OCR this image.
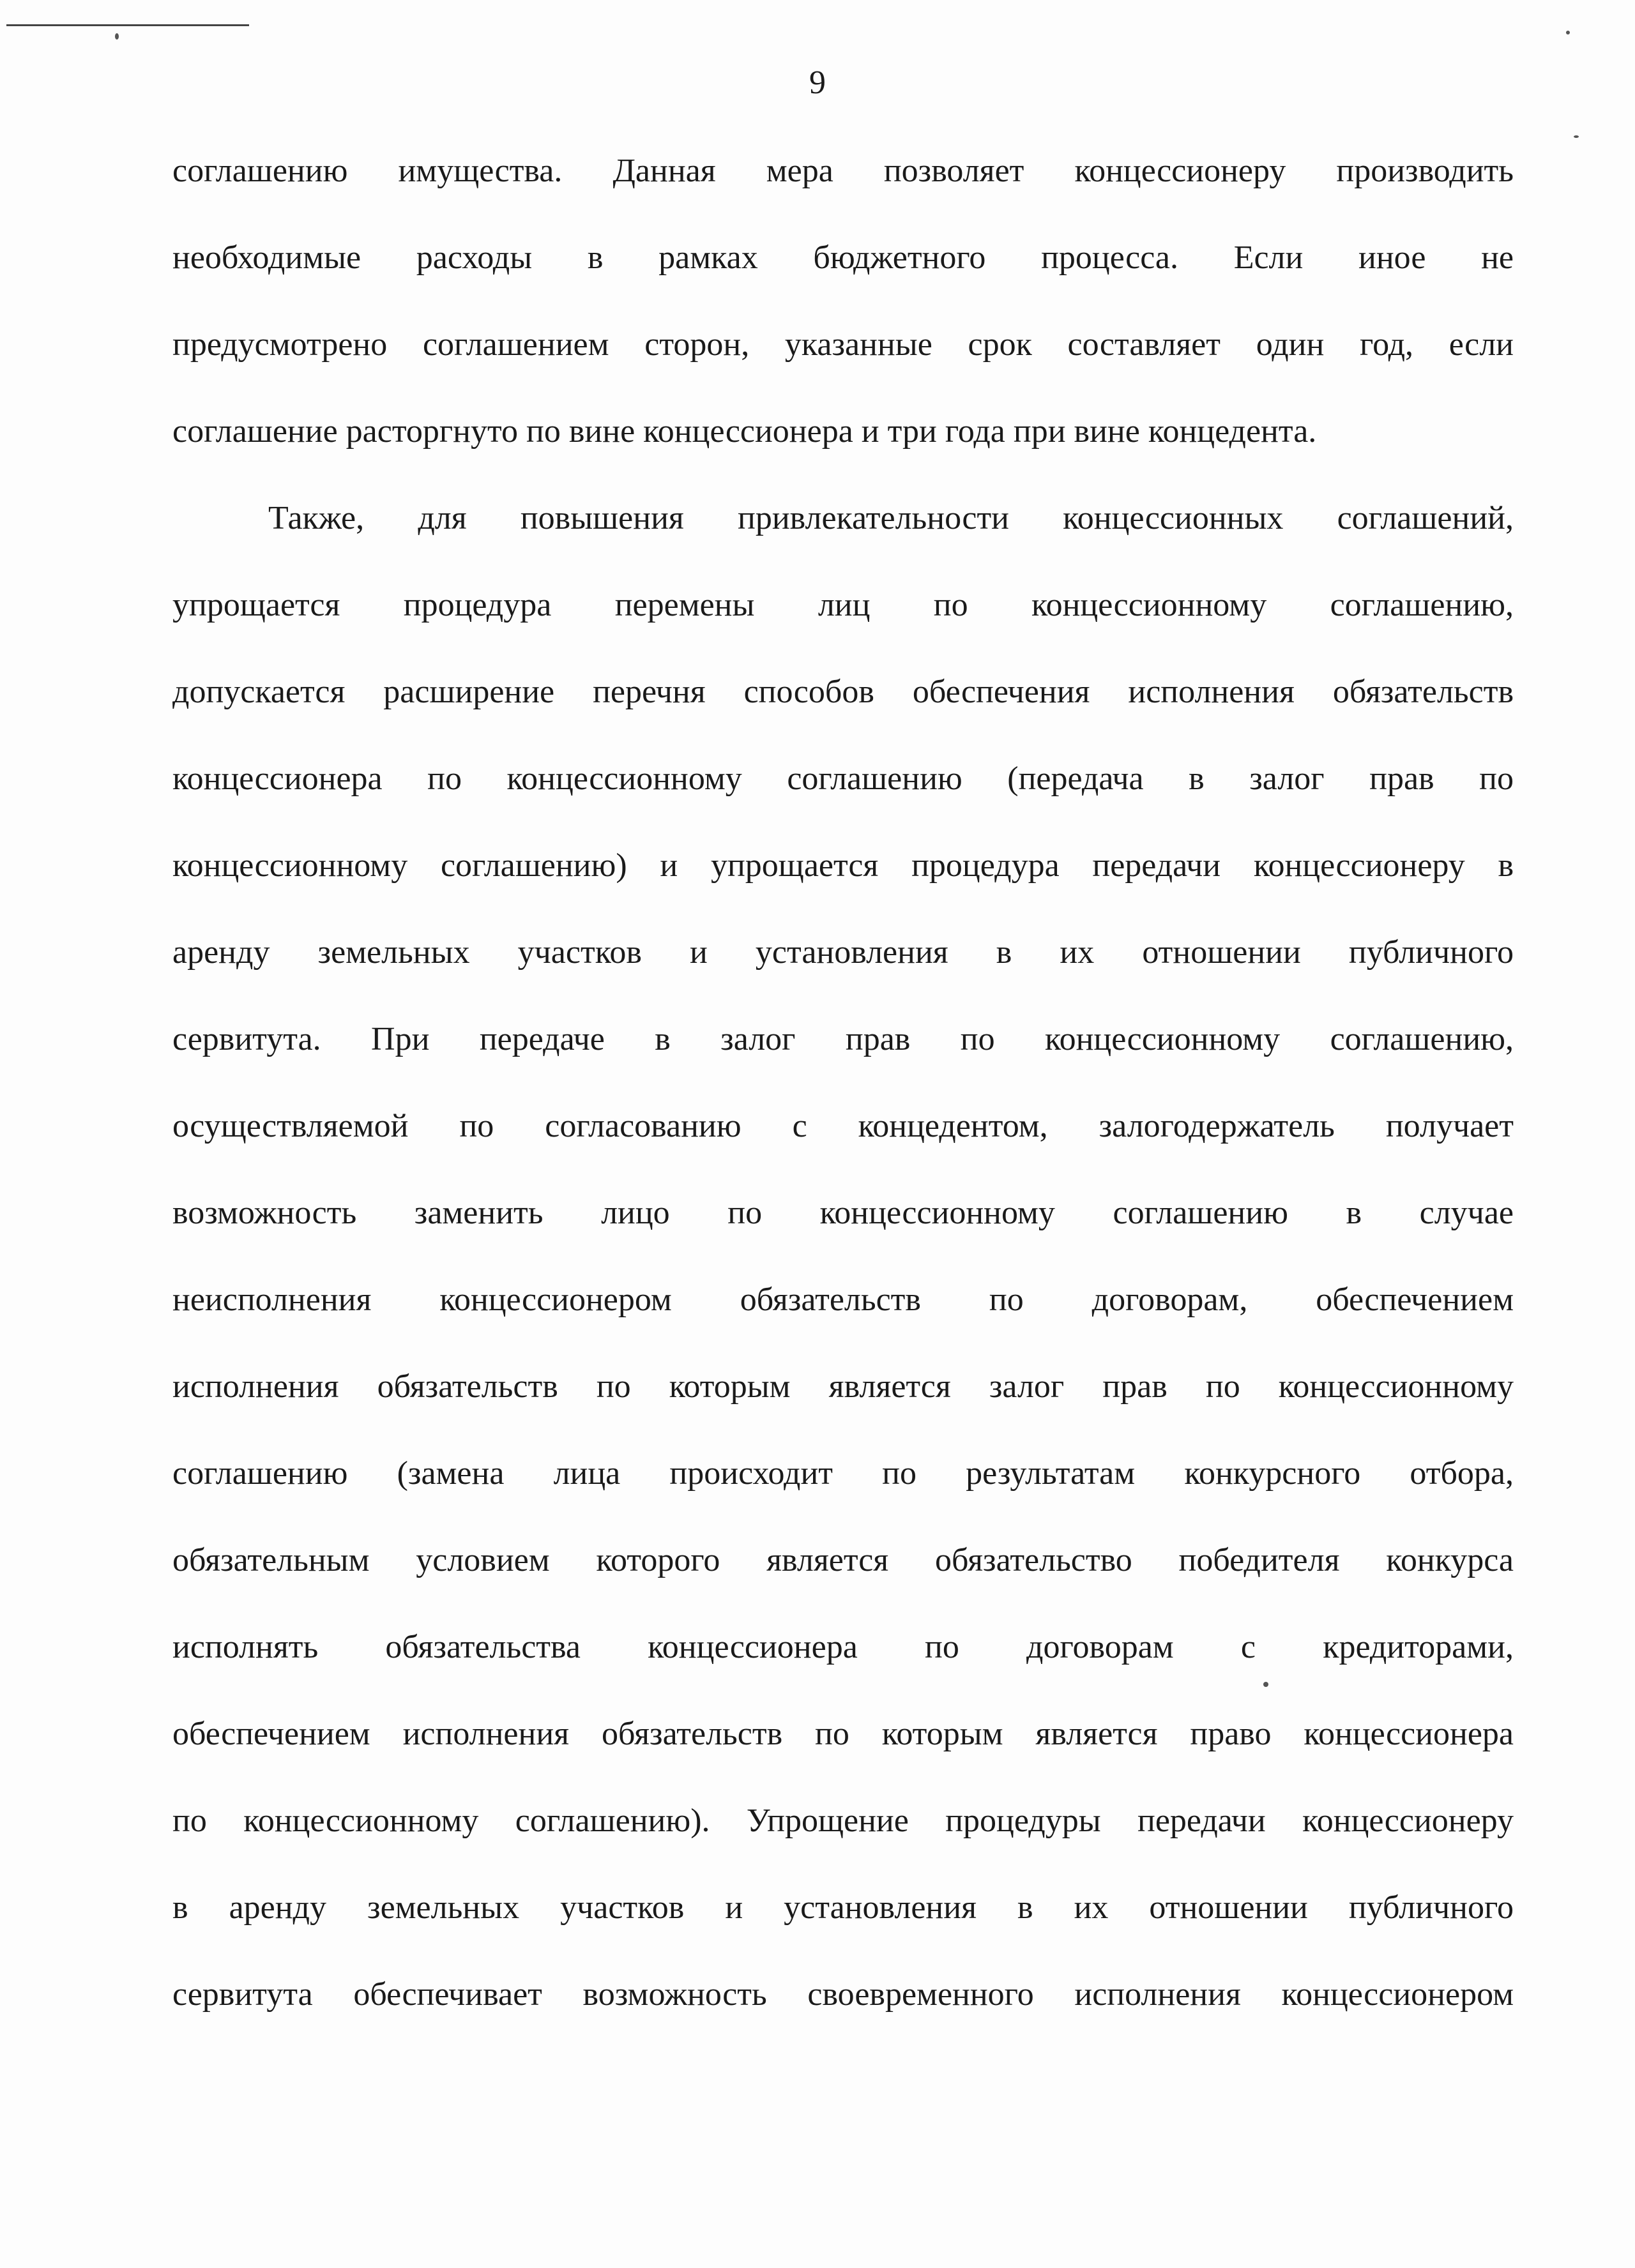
9
соглашению имущества. Данная мера позволяет концессионеру производить
необходимые расходы в рамках бюджетного процесса. Если иное не
предусмотрено соглашением сторон, указанные срок составляет один год, если
соглашение расторгнуто по вине концессионера и три года при вине концедента.
Также, для повышения привлекательности концессионных соглашений,
упрощается процедура перемены лиц по концессионному соглашению,
допускается расширение перечня способов обеспечения исполнения обязательств
концессионера по концессионному соглашению (передача в залог прав по
концессионному соглашению) и упрощается процедура передачи концессионеру в
аренду земельных участков и установления в их отношении публичного
сервитута. При передаче в залог прав по концессионному соглашению,
осуществляемой по согласованию с концедентом, залогодержатель получает
возможность заменить лицо по концессионному соглашению в случае
неисполнения концессионером обязательств по договорам, обеспечением
исполнения обязательств по которым является залог прав по концессионному
соглашению (замена лица происходит по результатам конкурсного отбора,
обязательным условием которого является обязательство победителя конкурса
исполнять обязательства концессионера по договорам с кредиторами,
обеспечением исполнения обязательств по которым является право концессионера
по концессионному соглашению). Упрощение процедуры передачи концессионеру
в аренду земельных участков и установления в их отношении публичного
сервитута обеспечивает возможность своевременного исполнения концессионером
